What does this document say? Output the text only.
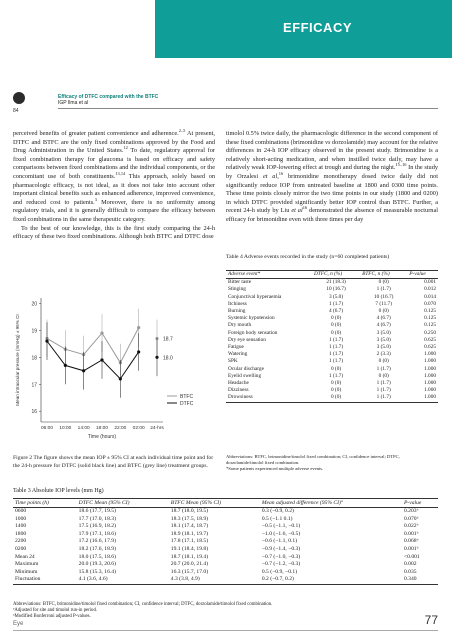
EFFICACY
84
Efficacy of DTFC compared with the BTFC
IGP Ilma et al

perceived benefits of greater patient convenience and adherence.$^{2-5}$ At present, DTFC and BTFC are the only fixed combinations approved by the Food and Drug Administration in the United States.$^{12}$ To date, regulatory approval for fixed combination therapy for glaucoma is based on efficacy and safety comparisons between fixed combinations and the individual components, or the concomitant use of both constituents.$^{13,14}$ This approach, solely based on pharmacologic efficacy, is not ideal, as it does not take into account other important clinical benefits such as enhanced adherence, improved convenience, and reduced cost to patients.$^3$ Moreover, there is no uniformity among regulatory trials, and it is generally difficult to compare the efficacy between fixed combinations in the same therapeutic category.

To the best of our knowledge, this is the first study comparing the 24-h efficacy of these two fixed combinations. Although both BTFC and DTFC dose

timolol 0.5% twice daily, the pharmacologic difference in the second component of these fixed combinations (brimonidine vs dorzolamide) may account for the relative differences in 24-h IOP efficacy observed in the present study. Brimonidine is a relatively short-acting medication, and when instilled twice daily, may have a relatively weak IOP-lowering effect at trough and during the night.$^{15-16}$ In the study by Orzalesi et al,$^{16}$ brimonidine monotherapy dosed twice daily did not significantly reduce IOP from untreated baseline at 1800 and 0300 time points. These time points closely mirror the two time points in our study (1800 and 0200) in which DTFC provided significantly better IOP control than BTFC. Further, a recent 24-h study by Liu et $al^{16}$ demonstrated the absence of measurable nocturnal efficacy for brimonidine even with three times per day

16
17
18
19
20
06:00 10:00 14:00 18:00 22:00 02:00 24-hrs
Time (hours)
Mean intraocular pressure (mmHg) ± 95% CI	18.7
BTFC
18.0
DTFC
Figure 2 The figure shows the mean IOP ± 95% CI at each individual time point and for the 24-h pressure for DTFC (solid black line) and BTFC (grey line) treatment groups.
Table 4 Adverse events recorded in the study (n=60 completed patients)
Adverse event*	DTFC, n (%)	BTFC, n (%)	P-value
Bitter taste	21 (18.3)	0 (0)	0.001
Stinging	10 (16.7)	1 (1.7)	0.012
Conjunctival hyperaemia	3 (5.0)	10 (16.7)	0.014
Itchiness	1 (1.7)	7 (11.7)	0.070
Burning	4 (6.7)	0 (0)	0.125
Systemic hypotension	0 (0)	4 (6.7)	0.125
Dry mouth	0 (0)	4 (6.7)	0.125
Foreign body sensation	0 (0)	3 (5.0)	0.250
Dry eye sensation	1 (1.7)	3 (5.0)	0.625
Fatigue	1 (1.7)	3 (5.0)	0.625
Watering	1 (1.7)	2 (3.3)	1.000
SPK	1 (1.7)	0 (0)	1.000
Ocular discharge	0 (0)	1 (1.7)	1.000
Eyelid swelling	1 (1.7)	0 (0)	1.000
Headache	0 (0)	1 (1.7)	1.000
Dizziness	0 (0)	1 (1.7)	1.000
Drowsiness	0 (0)	1 (1.7)	1.000
Abbreviations: BTFC, brimonidine/timolol fixed combination; CI, confidence interval; DTFC, dorzolamide/timolol fixed combination.
*Some patients experienced multiple adverse events.
Table 3 Absolute IOP levels (mm Hg)
Time points (h)	DTFC Mean (95% CI)	BTFC Mean (95% CI)	Mean adjusted difference (95% CI)ª	P-value
0600	18.6 (17.7, 19.5)	18.7 (18.0, 19.5)	0.3 (−0.9, 0.2)	0.203ᵇ
1000	17.7 (17.0, 18.3)	18.3 (17.5, 18.9)	0.5 (−1.1 0.1)	0.070ᵇ
1400	17.5 (16.9, 18.2)	18.1 (17.4, 18.7)	−0.5 (−1.1, −0.1)	0.022ᵇ
1800	17.9 (17.1, 18.6)	18.9 (18.1, 19.7)	−1.0 (−1.6, −0.5)	0.001ᵇ
2200	17.2 (16.6, 17.9)	17.8 (17.1, 18.5)	−0.6 (−1.1, 0.1)	0.068ᵇ
0200	18.2 (17.6, 18.9)	19.1 (18.4, 19.8)	−0.9 (−1.4, −0.3)	0.001ᵇ
Mean 24	18.0 (17.5, 18.6)	18.7 (18.1, 19.4)	−0.7 (−1.0, −0.3)	<0.001
Maximum	20.0 (19.3, 20.6)	20.7 (20.0, 21.4)	−0.7 (−1.2, −0.3)	0.002
Minimum	15.8 (15.3, 16.4)	16.3 (15.7, 17.0)	0.5 (−0.9, −0.1)	0.035
Fluctuation	4.1 (3.6, 4.6)	4.3 (3.8, 4.9)	0.2 (−0.7, 0.2)	0.340
Abbreviations: BTFC, brimonidine/timolol fixed combination; CI, confidence interval; DTFC, dorzolamide/timolol fixed combination.
ªAdjusted for site and timolol run-in period.
ᵇModified Bonferroni adjusted P-values.
Eye	77
